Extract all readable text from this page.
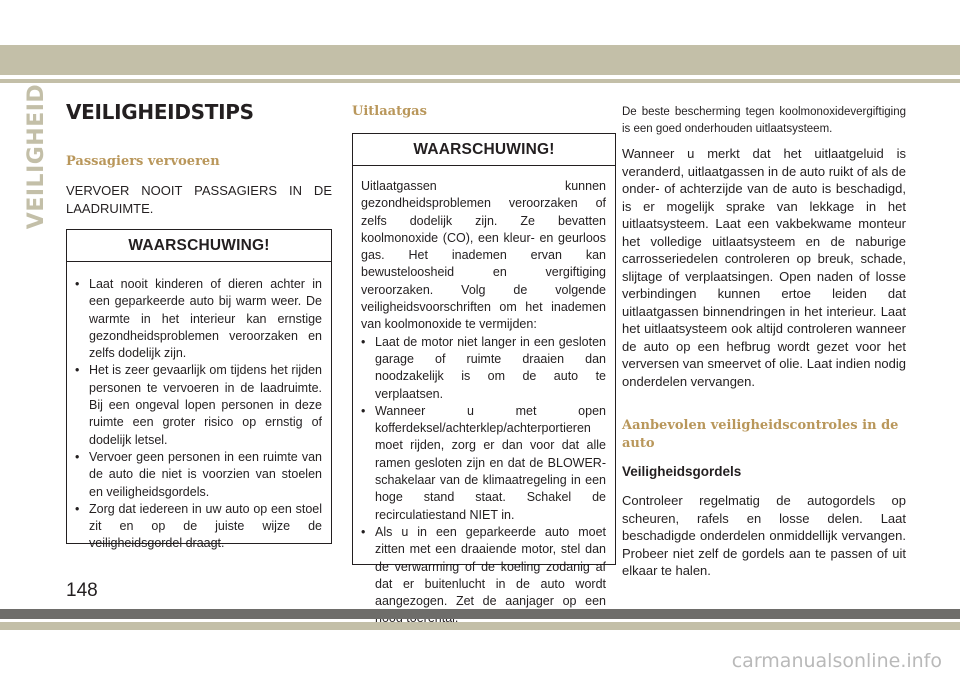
VEILIGHEID VEILIGHEIDSTIPS
Passagiers vervoeren
VERVOER NOOIT PASSAGIERS IN DE LAADRUIMTE.
WAARSCHUWING!
• Laat nooit kinderen of dieren achter in een geparkeerde auto bij warm weer. De warmte in het interieur kan ernstige gezondheidsproblemen veroorzaken en zelfs dodelijk zijn.
• Het is zeer gevaarlijk om tijdens het rijden personen te vervoeren in de laadruimte. Bij een ongeval lopen personen in deze ruimte een groter risico op ernstig of dodelijk letsel.
• Vervoer geen personen in een ruimte van de auto die niet is voorzien van stoelen en veiligheidsgordels.
• Zorg dat iedereen in uw auto op een stoel zit en op de juiste wijze de veiligheidsgordel draagt.
Uitlaatgas
WAARSCHUWING!

Uitlaatgassen kunnen gezondheidsproblemen veroorzaken of zelfs dodelijk zijn. Ze bevatten koolmonoxide (CO), een kleur- en geurloos gas. Het inademen ervan kan bewusteloosheid en vergiftiging veroorzaken. Volg de volgende veiligheidsvoorschriften om het inademen van koolmonoxide te vermijden:

• Laat de motor niet langer in een gesloten garage of ruimte draaien dan noodzakelijk is om de auto te verplaatsen.
• Wanneer u met open kofferdeksel/achterklep/achterportieren moet rijden, zorg er dan voor dat alle ramen gesloten zijn en dat de BLOWER-schakelaar van de klimaatregeling in een hoge stand staat. Schakel de recirculatiestand NIET in.
• Als u in een geparkeerde auto moet zitten met een draaiende motor, stel dan de verwarming of de koeling zodanig af dat er buitenlucht in de auto wordt aangezogen. Zet de aanjager op een
De beste bescherming tegen koolmonoxidevergiftiging is een goed onderhouden uitlaatsysteem.
Wanneer u merkt dat het uitlaatgeluid is veranderd, uitlaatgassen in de auto ruikt of als de onder- of achterzijde van de auto is beschadigd, is er mogelijk sprake van lekkage in het uitlaatsysteem. Laat een vakbekwame monteur het volledige uitlaatsysteem en de naburige carrosseriedelen controleren op breuk, schade, slijtage of verplaatsingen. Open naden of losse verbindingen kunnen ertoe leiden dat uitlaatgassen binnendringen in het interieur. Laat het uitlaatsysteem ook altijd controleren wanneer de auto op een hefbrug wordt gezet voor het verversen van smeervet of olie. Laat indien nodig onderdelen vervangen.
Aanbevolen veiligheidscontroles in de auto
Veiligheidsgordels
Controleer regelmatig de autogordels op scheuren, rafels en losse delen. Laat beschadigde onderdelen onmiddellijk vervangen. Probeer niet zelf de gordels aan te passen of uit elkaar te halen.
148
carmanualsonline.info
